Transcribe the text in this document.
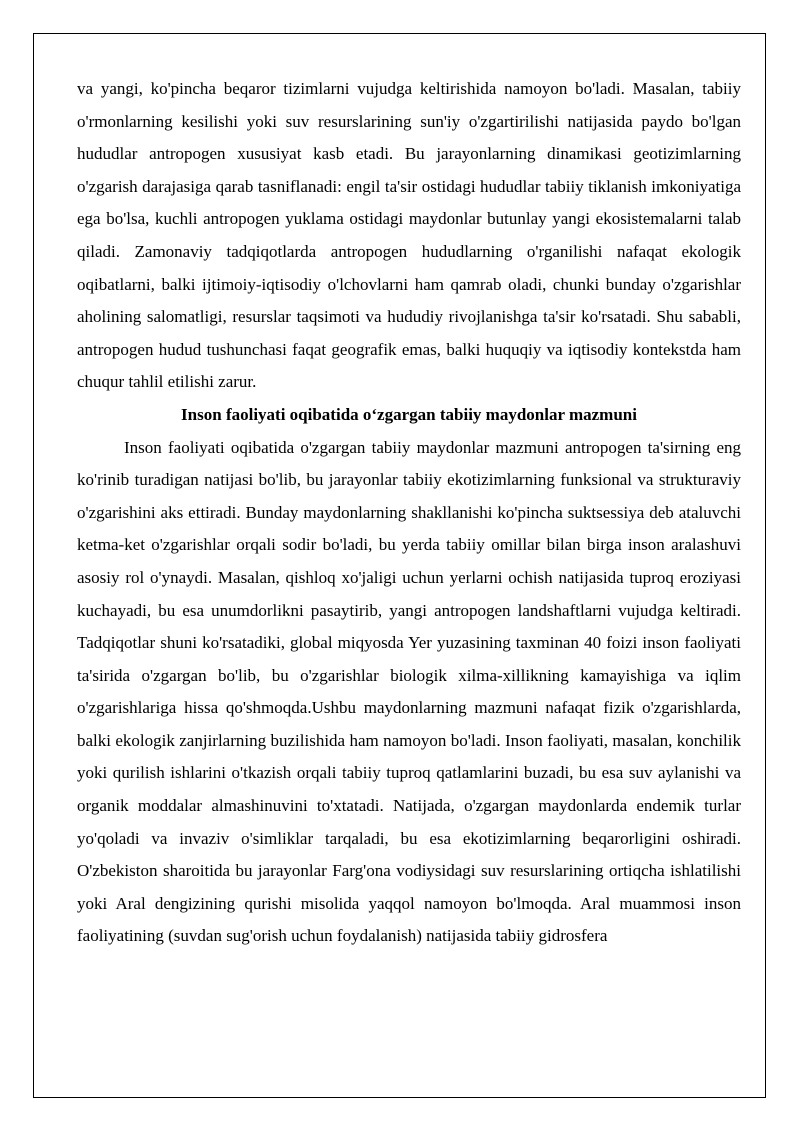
va yangi, ko'pincha beqaror tizimlarni vujudga keltirishida namoyon bo'ladi. Masalan, tabiiy o'rmonlarning kesilishi yoki suv resurslarining sun'iy o'zgartirilishi natijasida paydo bo'lgan hududlar antropogen xususiyat kasb etadi. Bu jarayonlarning dinamikasi geotizimlarning o'zgarish darajasiga qarab tasniflanadi: engil ta'sir ostidagi hududlar tabiiy tiklanish imkoniyatiga ega bo'lsa, kuchli antropogen yuklama ostidagi maydonlar butunlay yangi ekosistemalarni talab qiladi. Zamonaviy tadqiqotlarda antropogen hududlarning o'rganilishi nafaqat ekologik oqibatlarni, balki ijtimoiy-iqtisodiy o'lchovlarni ham qamrab oladi, chunki bunday o'zgarishlar aholining salomatligi, resurslar taqsimoti va hududiy rivojlanishga ta'sir ko'rsatadi. Shu sababli, antropogen hudud tushunchasi faqat geografik emas, balki huquqiy va iqtisodiy kontekstda ham chuqur tahlil etilishi zarur.

Inson faoliyati oqibatida o‘zgargan tabiiy maydonlar mazmuni

Inson faoliyati oqibatida o'zgargan tabiiy maydonlar mazmuni antropogen ta'sirning eng ko'rinib turadigan natijasi bo'lib, bu jarayonlar tabiiy ekotizimlarning funksional va strukturaviy o'zgarishini aks ettiradi. Bunday maydonlarning shakllanishi ko'pincha suktsessiya deb ataluvchi ketma-ket o'zgarishlar orqali sodir bo'ladi, bu yerda tabiiy omillar bilan birga inson aralashuvi asosiy rol o'ynaydi. Masalan, qishloq xo'jaligi uchun yerlarni ochish natijasida tuproq eroziyasi kuchayadi, bu esa unumdorlikni pasaytirib, yangi antropogen landshaftlarni vujudga keltiradi. Tadqiqotlar shuni ko'rsatadiki, global miqyosda Yer yuzasining taxminan 40 foizi inson faoliyati ta'sirida o'zgargan bo'lib, bu o'zgarishlar biologik xilma-xillikning kamayishiga va iqlim o'zgarishlariga hissa qo'shmoqda.Ushbu maydonlarning mazmuni nafaqat fizik o'zgarishlarda, balki ekologik zanjirlarning buzilishida ham namoyon bo'ladi. Inson faoliyati, masalan, konchilik yoki qurilish ishlarini o'tkazish orqali tabiiy tuproq qatlamlarini buzadi, bu esa suv aylanishi va organik moddalar almashinuvini to'xtatadi. Natijada, o'zgargan maydonlarda endemik turlar yo'qoladi va invaziv o'simliklar tarqaladi, bu esa ekotizimlarning beqarorligini oshiradi. O'zbekiston sharoitida bu jarayonlar Farg'ona vodiysidagi suv resurslarining ortiqcha ishlatilishi yoki Aral dengizining qurishi misolida yaqqol namoyon bo'lmoqda. Aral muammosi inson faoliyatining (suvdan sug'orish uchun foydalanish) natijasida tabiiy gidrosfera
